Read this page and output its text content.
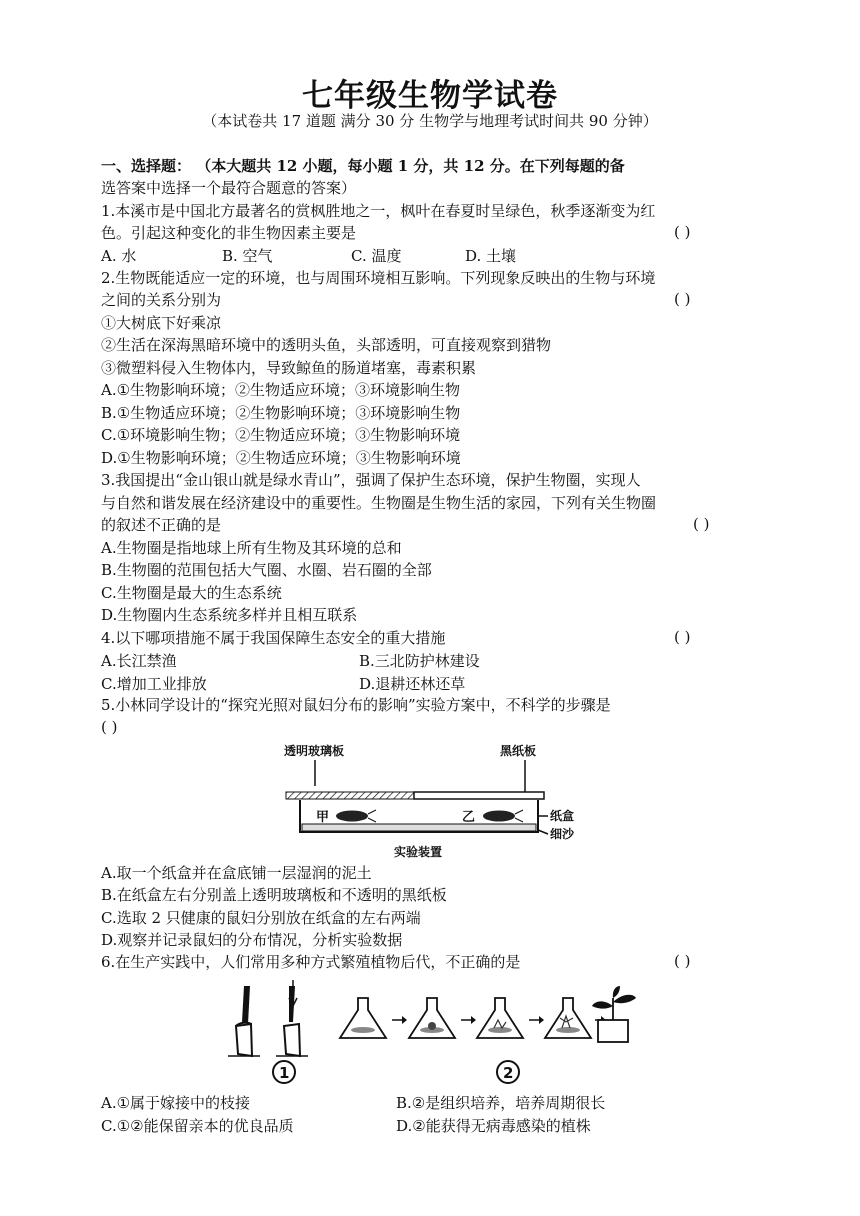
七年级生物学试卷
（本试卷共 17 道题 满分 30 分 生物学与地理考试时间共 90 分钟）
一、选择题： （本大题共 12 小题，每小题 1 分，共 12 分。在下列每题的备
选答案中选择一个最符合题意的答案）
1.本溪市是中国北方最著名的赏枫胜地之一，枫叶在春夏时呈绿色，秋季逐渐变为红
色。引起这种变化的非生物因素主要是	( )
A. 水	B. 空气	C. 温度	D. 土壤
2.生物既能适应一定的环境，也与周围环境相互影响。下列现象反映出的生物与环境
之间的关系分别为	( )
①大树底下好乘凉
②生活在深海黑暗环境中的透明头鱼，头部透明，可直接观察到猎物
③微塑料侵入生物体内，导致鲸鱼的肠道堵塞，毒素积累
A.①生物影响环境；②生物适应环境；③环境影响生物
B.①生物适应环境；②生物影响环境；③环境影响生物
C.①环境影响生物；②生物适应环境；③生物影响环境
D.①生物影响环境；②生物适应环境；③生物影响环境
3.我国提出“金山银山就是绿水青山”，强调了保护生态环境，保护生物圈，实现人
与自然和谐发展在经济建设中的重要性。生物圈是生物生活的家园，下列有关生物圈
的叙述不正确的是	( )
A.生物圈是指地球上所有生物及其环境的总和
B.生物圈的范围包括大气圈、水圈、岩石圈的全部
C.生物圈是最大的生态系统
D.生物圈内生态系统多样并且相互联系
4.以下哪项措施不属于我国保障生态安全的重大措施	( )
A.长江禁渔	B.三北防护林建设
C.增加工业排放	D.退耕还林还草
5.小林同学设计的“探究光照对鼠妇分布的影响”实验方案中，不科学的步骤是
( )
透明玻璃板	黑纸板
甲	乙	纸盒
细沙
实验装置
A.取一个纸盒并在盒底铺一层湿润的泥土
B.在纸盒左右分别盖上透明玻璃板和不透明的黑纸板
C.选取 2 只健康的鼠妇分别放在纸盒的左右两端
D.观察并记录鼠妇的分布情况，分析实验数据
6.在生产实践中，人们常用多种方式繁殖植物后代，不正确的是	( )
1	2
A.①属于嫁接中的枝接	B.②是组织培养，培养周期很长
C.①②能保留亲本的优良品质	D.②能获得无病毒感染的植株
